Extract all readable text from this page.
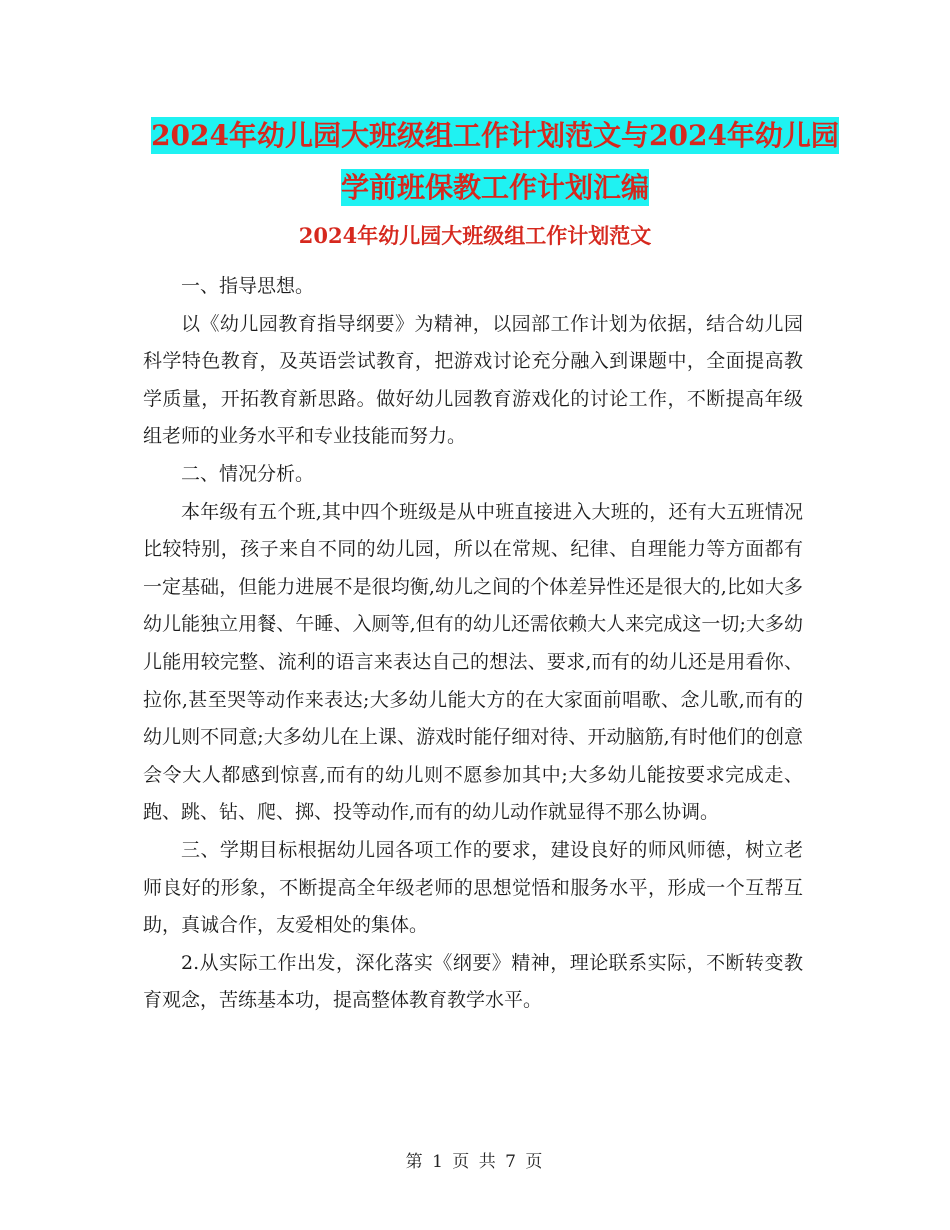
2024年幼儿园大班级组工作计划范文与2024年幼儿园
学前班保教工作计划汇编
2024年幼儿园大班级组工作计划范文

一、指导思想。

以《幼儿园教育指导纲要》为精神，以园部工作计划为依据，结合幼儿园科学特色教育，及英语尝试教育，把游戏讨论充分融入到课题中，全面提高教学质量，开拓教育新思路。做好幼儿园教育游戏化的讨论工作，不断提高年级组老师的业务水平和专业技能而努力。

二、情况分析。

本年级有五个班,其中四个班级是从中班直接进入大班的，还有大五班情况比较特别，孩子来自不同的幼儿园，所以在常规、纪律、自理能力等方面都有一定基础，但能力进展不是很均衡,幼儿之间的个体差异性还是很大的,比如大多幼儿能独立用餐、午睡、入厕等,但有的幼儿还需依赖大人来完成这一切;大多幼儿能用较完整、流利的语言来表达自己的想法、要求,而有的幼儿还是用看你、拉你,甚至哭等动作来表达;大多幼儿能大方的在大家面前唱歌、念儿歌,而有的幼儿则不同意;大多幼儿在上课、游戏时能仔细对待、开动脑筋,有时他们的创意会令大人都感到惊喜,而有的幼儿则不愿参加其中;大多幼儿能按要求完成走、跑、跳、钻、爬、掷、投等动作,而有的幼儿动作就显得不那么协调。

三、学期目标根据幼儿园各项工作的要求，建设良好的师风师德，树立老师良好的形象，不断提高全年级老师的思想觉悟和服务水平，形成一个互帮互助，真诚合作，友爱相处的集体。

2.从实际工作出发，深化落实《纲要》精神，理论联系实际，不断转变教育观念，苦练基本功，提高整体教育教学水平。

第 1 页 共 7 页
